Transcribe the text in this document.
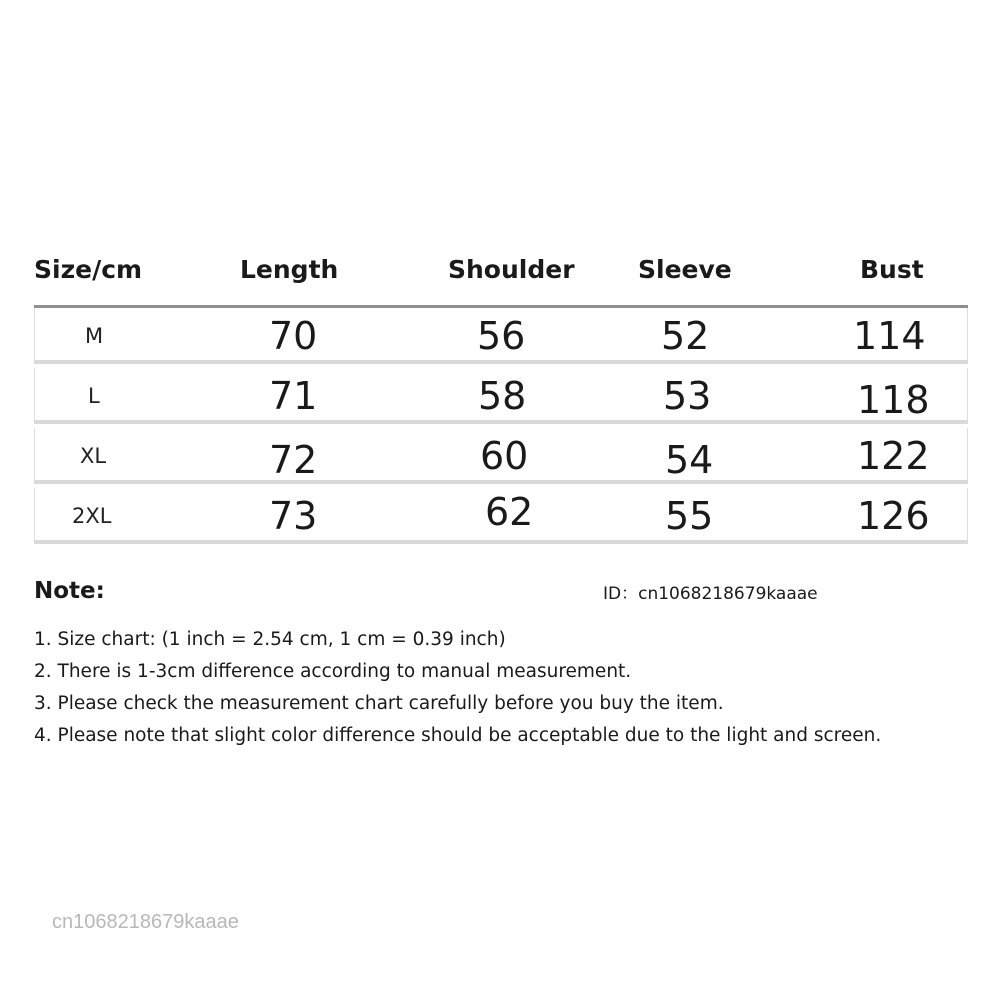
Size/cm	Length	Shoulder	Sleeve	Bust
M	70	56	52	114
L	71	58	53	118
XL	72	60	54	122
2XL	73	62	55	126
Note:	ID：cn1068218679kaaae
1. Size chart: (1 inch = 2.54 cm, 1 cm = 0.39 inch)
2. There is 1-3cm difference according to manual measurement.
3. Please check the measurement chart carefully before you buy the item.
4. Please note that slight color difference should be acceptable due to the light and screen.
cn1068218679kaaae
